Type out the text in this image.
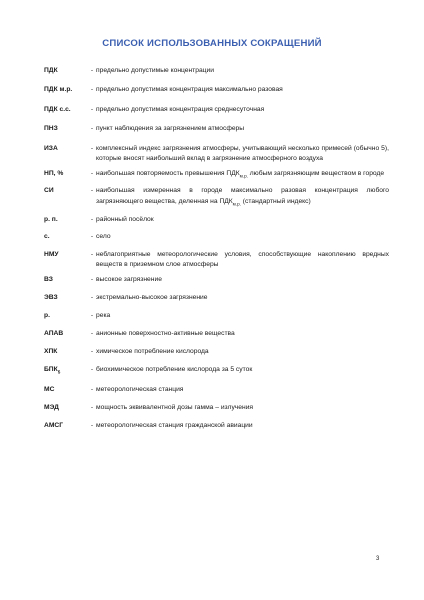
СПИСОК ИСПОЛЬЗОВАННЫХ СОКРАЩЕНИЙ
ПДК	- предельно допустимые концентрации
ПДК м.р.	- предельно допустимая концентрация максимально разовая
ПДК с.с.	- предельно допустимая концентрация среднесуточная
ПНЗ	- пункт наблюдения за загрязнением атмосферы
ИЗА	- комплексный индекс загрязнения атмосферы, учитывающий несколько примесей (обычно 5), которые вносят наибольший вклад в загрязнение атмосферного воздуха
НП, %	- наибольшая повторяемость превышения $ПДК_{м.р.}$ любым загрязняющим веществом в городе
СИ	- наибольшая измеренная в городе максимально разовая концентрация любого загрязняющего вещества, деленная на $ПДК_{м.р.}$ (стандартный индекс)
р. п.	- районный посёлок
с.	- село
НМУ	- неблагоприятные метеорологические условия, способствующие накоплению вредных веществ в приземном слое атмосферы
ВЗ	- высокое загрязнение
ЭВЗ	- экстремально-высокое загрязнение
р.	- река
АПАВ	- анионные поверхностно-активные вещества
ХПК	- химическое потребление кислорода
$БПК_5$	- биохимическое потребление кислорода за 5 суток
МС	- метеорологическая станция
МЭД	- мощность эквивалентной дозы гамма – излучения
АМСГ	- метеорологическая станция гражданской авиации
3
